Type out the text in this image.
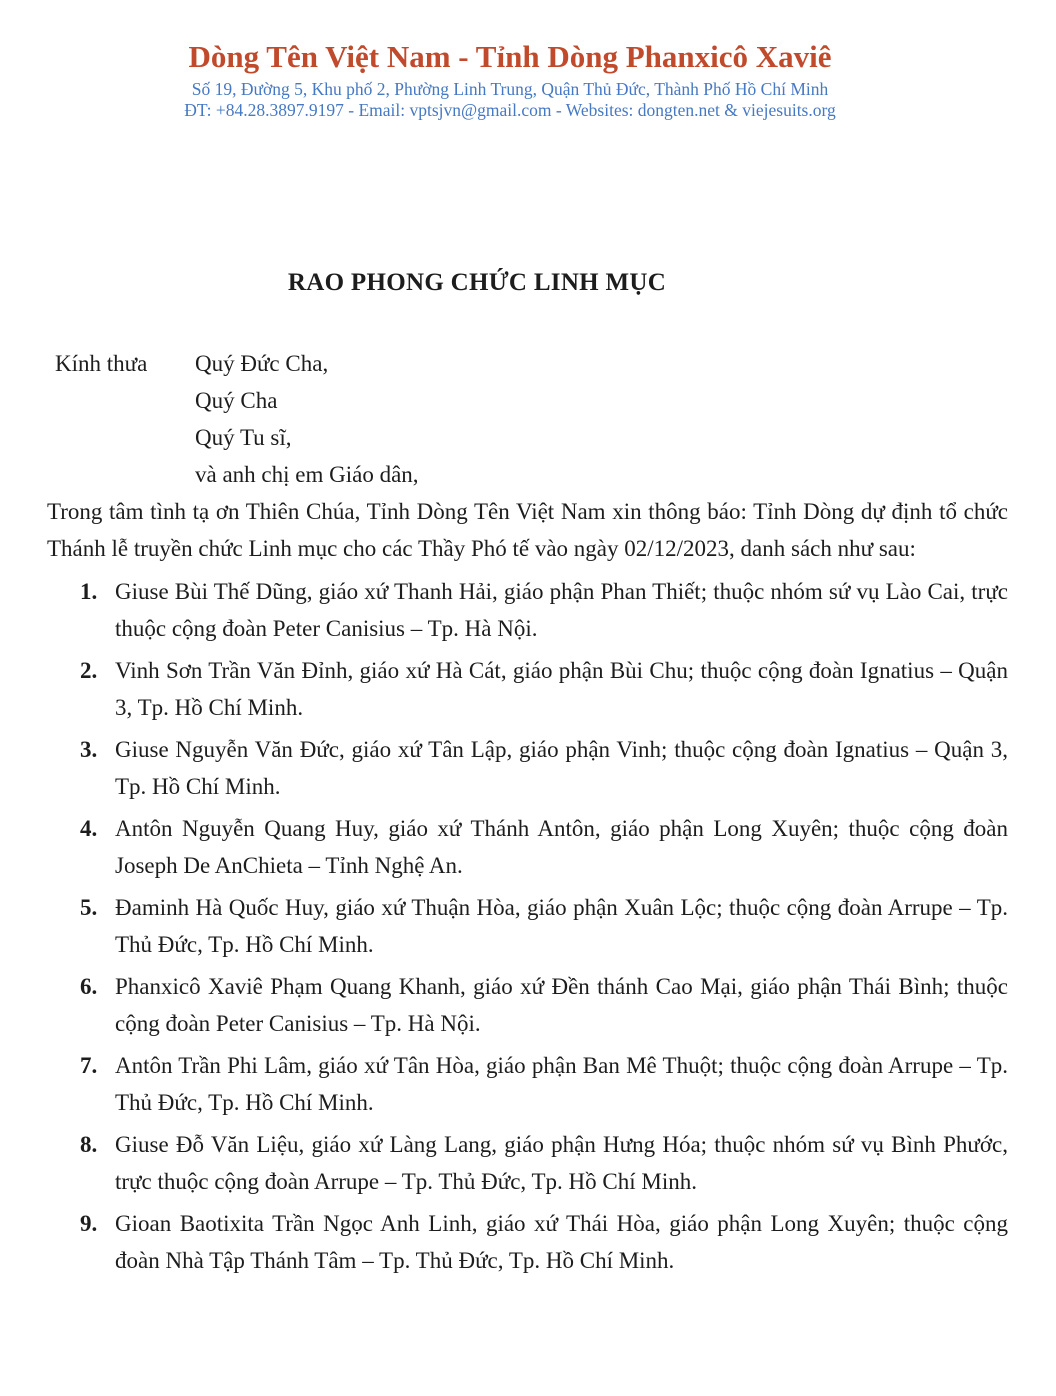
Dòng Tên Việt Nam - Tỉnh Dòng Phanxicô Xaviê
Số 19, Đường 5, Khu phố 2, Phường Linh Trung, Quận Thủ Đức, Thành Phố Hồ Chí Minh
ĐT: +84.28.3897.9197 - Email: vptsjvn@gmail.com - Websites: dongten.net & viejesuits.org
RAO PHONG CHỨC LINH MỤC
Kính thưa	Quý Đức Cha,
Quý Cha
Quý Tu sĩ,
và anh chị em Giáo dân,
Trong tâm tình tạ ơn Thiên Chúa, Tỉnh Dòng Tên Việt Nam xin thông báo: Tỉnh Dòng dự định tổ chức Thánh lễ truyền chức Linh mục cho các Thầy Phó tế vào ngày 02/12/2023, danh sách như sau:
1. Giuse Bùi Thế Dũng, giáo xứ Thanh Hải, giáo phận Phan Thiết; thuộc nhóm sứ vụ Lào Cai, trực thuộc cộng đoàn Peter Canisius – Tp. Hà Nội.
2. Vinh Sơn Trần Văn Đỉnh, giáo xứ Hà Cát, giáo phận Bùi Chu; thuộc cộng đoàn Ignatius – Quận 3, Tp. Hồ Chí Minh.
3. Giuse Nguyễn Văn Đức, giáo xứ Tân Lập, giáo phận Vinh; thuộc cộng đoàn Ignatius – Quận 3, Tp. Hồ Chí Minh.
4. Antôn Nguyễn Quang Huy, giáo xứ Thánh Antôn, giáo phận Long Xuyên; thuộc cộng đoàn Joseph De AnChieta – Tỉnh Nghệ An.
5. Đaminh Hà Quốc Huy, giáo xứ Thuận Hòa, giáo phận Xuân Lộc; thuộc cộng đoàn Arrupe – Tp. Thủ Đức, Tp. Hồ Chí Minh.
6. Phanxicô Xaviê Phạm Quang Khanh, giáo xứ Đền thánh Cao Mại, giáo phận Thái Bình; thuộc cộng đoàn Peter Canisius – Tp. Hà Nội.
7. Antôn Trần Phi Lâm, giáo xứ Tân Hòa, giáo phận Ban Mê Thuột; thuộc cộng đoàn Arrupe – Tp. Thủ Đức, Tp. Hồ Chí Minh.
8. Giuse Đỗ Văn Liệu, giáo xứ Làng Lang, giáo phận Hưng Hóa; thuộc nhóm sứ vụ Bình Phước, trực thuộc cộng đoàn Arrupe – Tp. Thủ Đức, Tp. Hồ Chí Minh.
9. Gioan Baotixita Trần Ngọc Anh Linh, giáo xứ Thái Hòa, giáo phận Long Xuyên; thuộc cộng đoàn Nhà Tập Thánh Tâm – Tp. Thủ Đức, Tp. Hồ Chí Minh.
